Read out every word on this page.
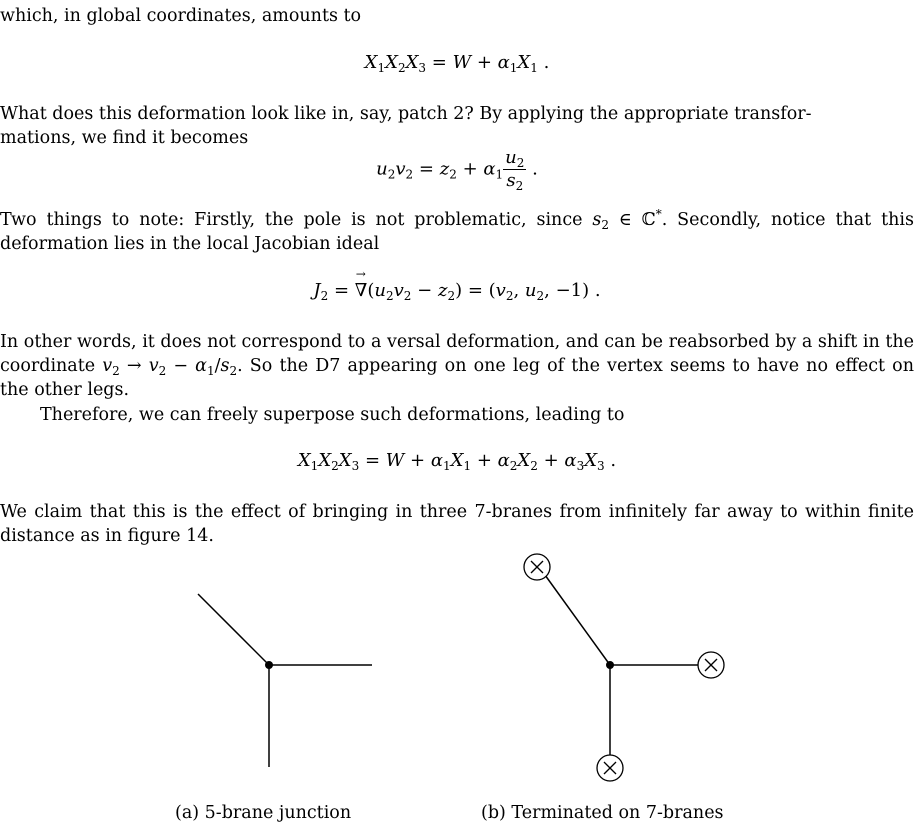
which, in global coordinates, amounts to
$X_1X_2X_3 = W + \alpha_1X_1$ .
What does this deformation look like in, say, patch 2? By applying the appropriate transfor-
mations, we find it becomes
$u_2v_2 = z_2 + \alpha_1 \frac{u_2}{s_2}$ .
Two things to note: Firstly, the pole is not problematic, since $s_2$ ∈ ℂ*. Secondly, notice that this deformation lies in the local Jacobian ideal
$J_2$ = → $\nabla(u_2v_2 - z_2) = (v_2$, $u_2$, −1) .
In other words, it does not correspond to a versal deformation, and can be reabsorbed by a shift in the coordinate $v_2 \to v_2 - \alpha_1/s_2$. So the D7 appearing on one leg of the vertex seems to have no effect on the other legs.
Therefore, we can freely superpose such deformations, leading to
$X_1X_2X_3 = W + \alpha_1X_1 + \alpha_2X_2 + \alpha_3X_3$ .
We claim that this is the effect of bringing in three 7-branes from infinitely far away to within finite distance as in figure 14.
(a) 5-brane junction	(b) Terminated on 7-branes
